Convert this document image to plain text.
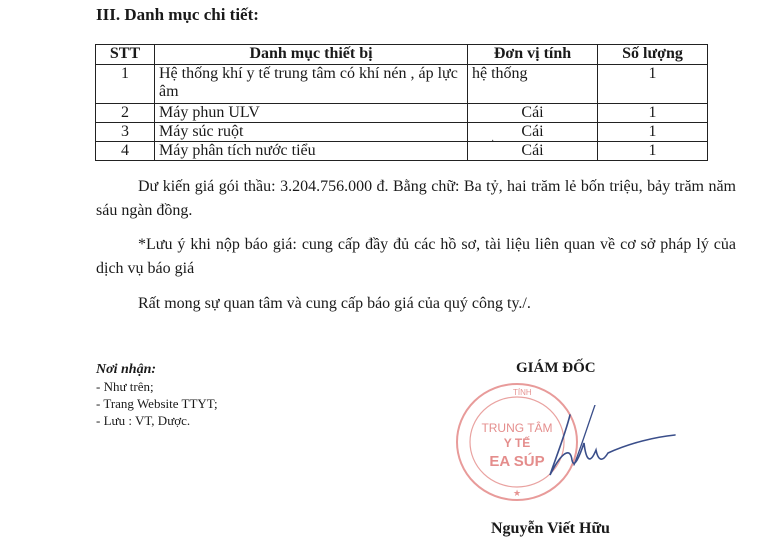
III. Danh mục chi tiết:
STT	Danh mục thiết bị	Đơn vị tính	Số lượng
1	Hệ thống khí y tế trung tâm có khí nén , áp lực âm	hệ thống	1
2	Máy phun ULV	Cái	1
3	Máy súc ruột	Cái	1
4	Máy phân tích nước tiểu	Cái	1
·
Dư kiến giá gói thầu: 3.204.756.000 đ. Bằng chữ: Ba tỷ, hai trăm lẻ bốn triệu, bảy trăm năm sáu ngàn đồng.
*Lưu ý khi nộp báo giá: cung cấp đầy đủ các hồ sơ, tài liệu liên quan về cơ sở pháp lý của dịch vụ báo giá
Rất mong sự quan tâm và cung cấp báo giá của quý công ty./.
Nơi nhận:
- Như trên;
- Trang Website TTYT;
- Lưu : VT, Dược.
GIÁM ĐỐC
TỈNH
TRUNG TÂM
Y TẾ
EA SÚP
★
Nguyễn Viết Hữu
